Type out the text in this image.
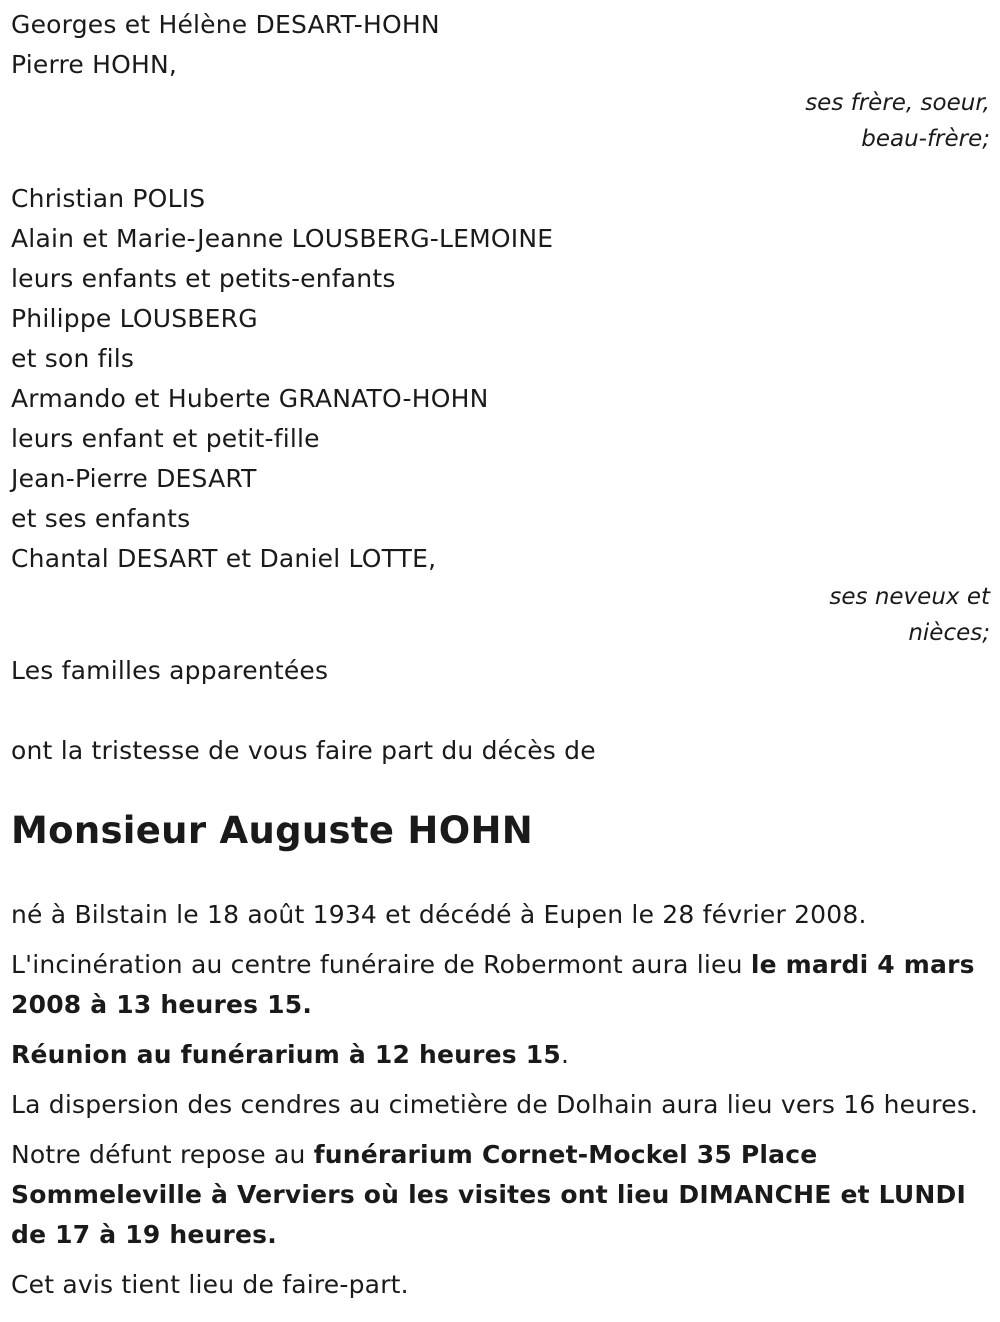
Georges et Hélène DESART-HOHN
Pierre HOHN,
ses frère, soeur,
beau-frère;
Christian POLIS
Alain et Marie-Jeanne LOUSBERG-LEMOINE
leurs enfants et petits-enfants
Philippe LOUSBERG
et son fils
Armando et Huberte GRANATO-HOHN
leurs enfant et petit-fille
Jean-Pierre DESART
et ses enfants
Chantal DESART et Daniel LOTTE,
ses neveux et
nièces;
Les familles apparentées
ont la tristesse de vous faire part du décès de
Monsieur Auguste HOHN

né à Bilstain le 18 août 1934 et décédé à Eupen le 28 février 2008.

L'incinération au centre funéraire de Robermont aura lieu le mardi 4 mars 2008 à 13 heures 15.

Réunion au funérarium à 12 heures 15.

La dispersion des cendres au cimetière de Dolhain aura lieu vers 16 heures.

Notre défunt repose au funérarium Cornet-Mockel 35 Place Sommeleville à Verviers où les visites ont lieu DIMANCHE et LUNDI de 17 à 19 heures.

Cet avis tient lieu de faire-part.
